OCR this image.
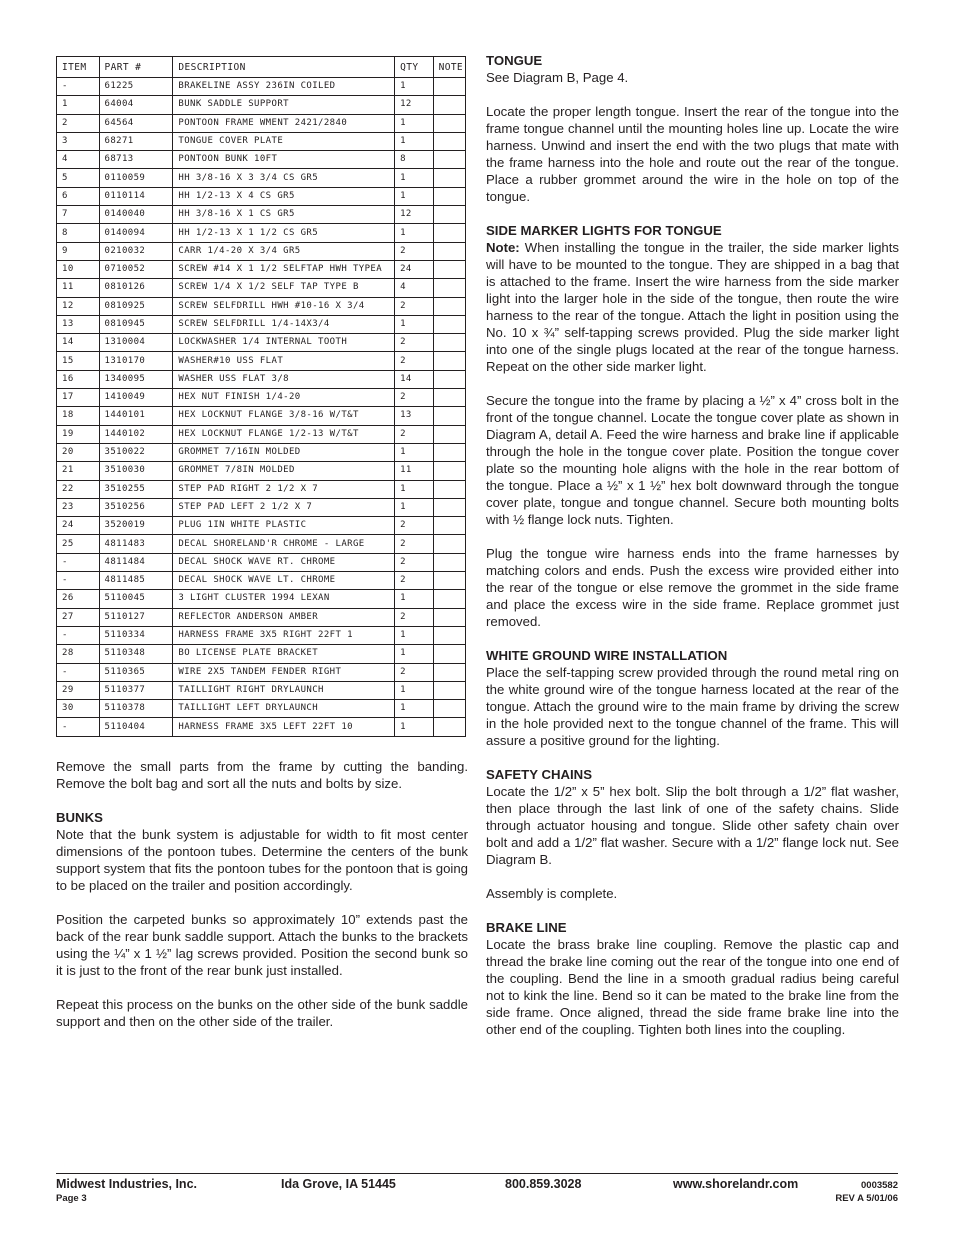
ITEM	PART #	DESCRIPTION	QTY	NOTE
-	61225	BRAKELINE ASSY 236IN COILED	1	
1	64004	BUNK SADDLE SUPPORT	12	
2	64564	PONTOON FRAME WMENT 2421/2840	1	
3	68271	TONGUE COVER PLATE	1	
4	68713	PONTOON BUNK 10FT	8	
5	0110059	HH 3/8-16 X 3 3/4 CS GR5	1	
6	0110114	HH 1/2-13 X 4 CS GR5	1	
7	0140040	HH 3/8-16 X 1 CS GR5	12	
8	0140094	HH 1/2-13 X 1 1/2 CS GR5	1	
9	0210032	CARR 1/4-20 X 3/4 GR5	2	
10	0710052	SCREW #14 X 1 1/2 SELFTAP HWH TYPEA	24	
11	0810126	SCREW 1/4 X 1/2 SELF TAP TYPE B	4	
12	0810925	SCREW SELFDRILL HWH #10-16 X 3/4	2	
13	0810945	SCREW SELFDRILL 1/4-14X3/4	1	
14	1310004	LOCKWASHER 1/4 INTERNAL TOOTH	2	
15	1310170	WASHER#10 USS FLAT	2	
16	1340095	WASHER USS FLAT 3/8	14	
17	1410049	HEX NUT FINISH 1/4-20	2	
18	1440101	HEX LOCKNUT FLANGE 3/8-16 W/T&T	13	
19	1440102	HEX LOCKNUT FLANGE 1/2-13 W/T&T	2	
20	3510022	GROMMET 7/16IN MOLDED	1	
21	3510030	GROMMET 7/8IN MOLDED	11	
22	3510255	STEP PAD RIGHT 2 1/2 X 7	1	
23	3510256	STEP PAD LEFT 2 1/2 X 7	1	
24	3520019	PLUG 1IN WHITE PLASTIC	2	
25	4811483	DECAL SHORELAND'R CHROME - LARGE	2	
-	4811484	DECAL SHOCK WAVE RT. CHROME	2	
-	4811485	DECAL SHOCK WAVE LT. CHROME	2	
26	5110045	3 LIGHT CLUSTER 1994 LEXAN	1	
27	5110127	REFLECTOR ANDERSON AMBER	2	
-	5110334	HARNESS FRAME 3X5 RIGHT 22FT 1	1	
28	5110348	BO LICENSE PLATE BRACKET	1	
-	5110365	WIRE 2X5 TANDEM FENDER RIGHT	2	
29	5110377	TAILLIGHT RIGHT DRYLAUNCH	1	
30	5110378	TAILLIGHT LEFT DRYLAUNCH	1	
-	5110404	HARNESS FRAME 3X5 LEFT 22FT 10	1	

Remove the small parts from the frame by cutting the banding. Remove the bolt bag and sort all the nuts and bolts by size.

BUNKS

Note that the bunk system is adjustable for width to fit most center dimensions of the pontoon tubes. Determine the centers of the bunk support system that fits the pontoon tubes for the pontoon that is going to be placed on the trailer and position accordingly.

Position the carpeted bunks so approximately 10” extends past the back of the rear bunk saddle support. Attach the bunks to the brackets using the ¼” x 1 ½” lag screws provided. Position the second bunk so it is just to the front of the rear bunk just installed.

Repeat this process on the bunks on the other side of the bunk saddle support and then on the other side of the trailer.

TONGUE

See Diagram B, Page 4.

Locate the proper length tongue. Insert the rear of the tongue into the frame tongue channel until the mounting holes line up. Locate the wire harness. Unwind and insert the end with the two plugs that mate with the frame harness into the hole and route out the rear of the tongue. Place a rubber grommet around the wire in the hole on top of the tongue.

SIDE MARKER LIGHTS FOR TONGUE

Note: When installing the tongue in the trailer, the side marker lights will have to be mounted to the tongue. They are shipped in a bag that is attached to the frame. Insert the wire harness from the side marker light into the larger hole in the side of the tongue, then route the wire harness to the rear of the tongue. Attach the light in position using the No. 10 x ¾” self-tapping screws provided. Plug the side marker light into one of the single plugs located at the rear of the tongue harness. Repeat on the other side marker light.

Secure the tongue into the frame by placing a ½” x 4” cross bolt in the front of the tongue channel. Locate the tongue cover plate as shown in Diagram A, detail A. Feed the wire harness and brake line if applicable through the hole in the tongue cover plate. Position the tongue cover plate so the mounting hole aligns with the hole in the rear bottom of the tongue. Place a ½” x 1 ½” hex bolt downward through the tongue cover plate, tongue and tongue channel. Secure both mounting bolts with ½ flange lock nuts. Tighten.

Plug the tongue wire harness ends into the frame harnesses by matching colors and ends. Push the excess wire provided either into the rear of the tongue or else remove the grommet in the side frame and place the excess wire in the side frame. Replace grommet just removed.

WHITE GROUND WIRE INSTALLATION

Place the self-tapping screw provided through the round metal ring on the white ground wire of the tongue harness located at the rear of the tongue. Attach the ground wire to the main frame by driving the screw in the hole provided next to the tongue channel of the frame. This will assure a positive ground for the lighting.

SAFETY CHAINS

Locate the 1/2” x 5” hex bolt. Slip the bolt through a 1/2” flat washer, then place through the last link of one of the safety chains. Slide through actuator housing and tongue. Slide other safety chain over bolt and add a 1/2” flat washer. Secure with a 1/2” flange lock nut. See Diagram B.

Assembly is complete.

BRAKE LINE

Locate the brass brake line coupling. Remove the plastic cap and thread the brake line coming out the rear of the tongue into one end of the coupling. Bend the line in a smooth gradual radius being careful not to kink the line. Bend so it can be mated to the brake line from the side frame. Once aligned, thread the side frame brake line into the other end of the coupling. Tighten both lines into the coupling.

Midwest Industries, Inc.
Page 3
Ida Grove, IA 51445	800.859.3028	www.shorelandr.com	0003582
REV A 5/01/06
